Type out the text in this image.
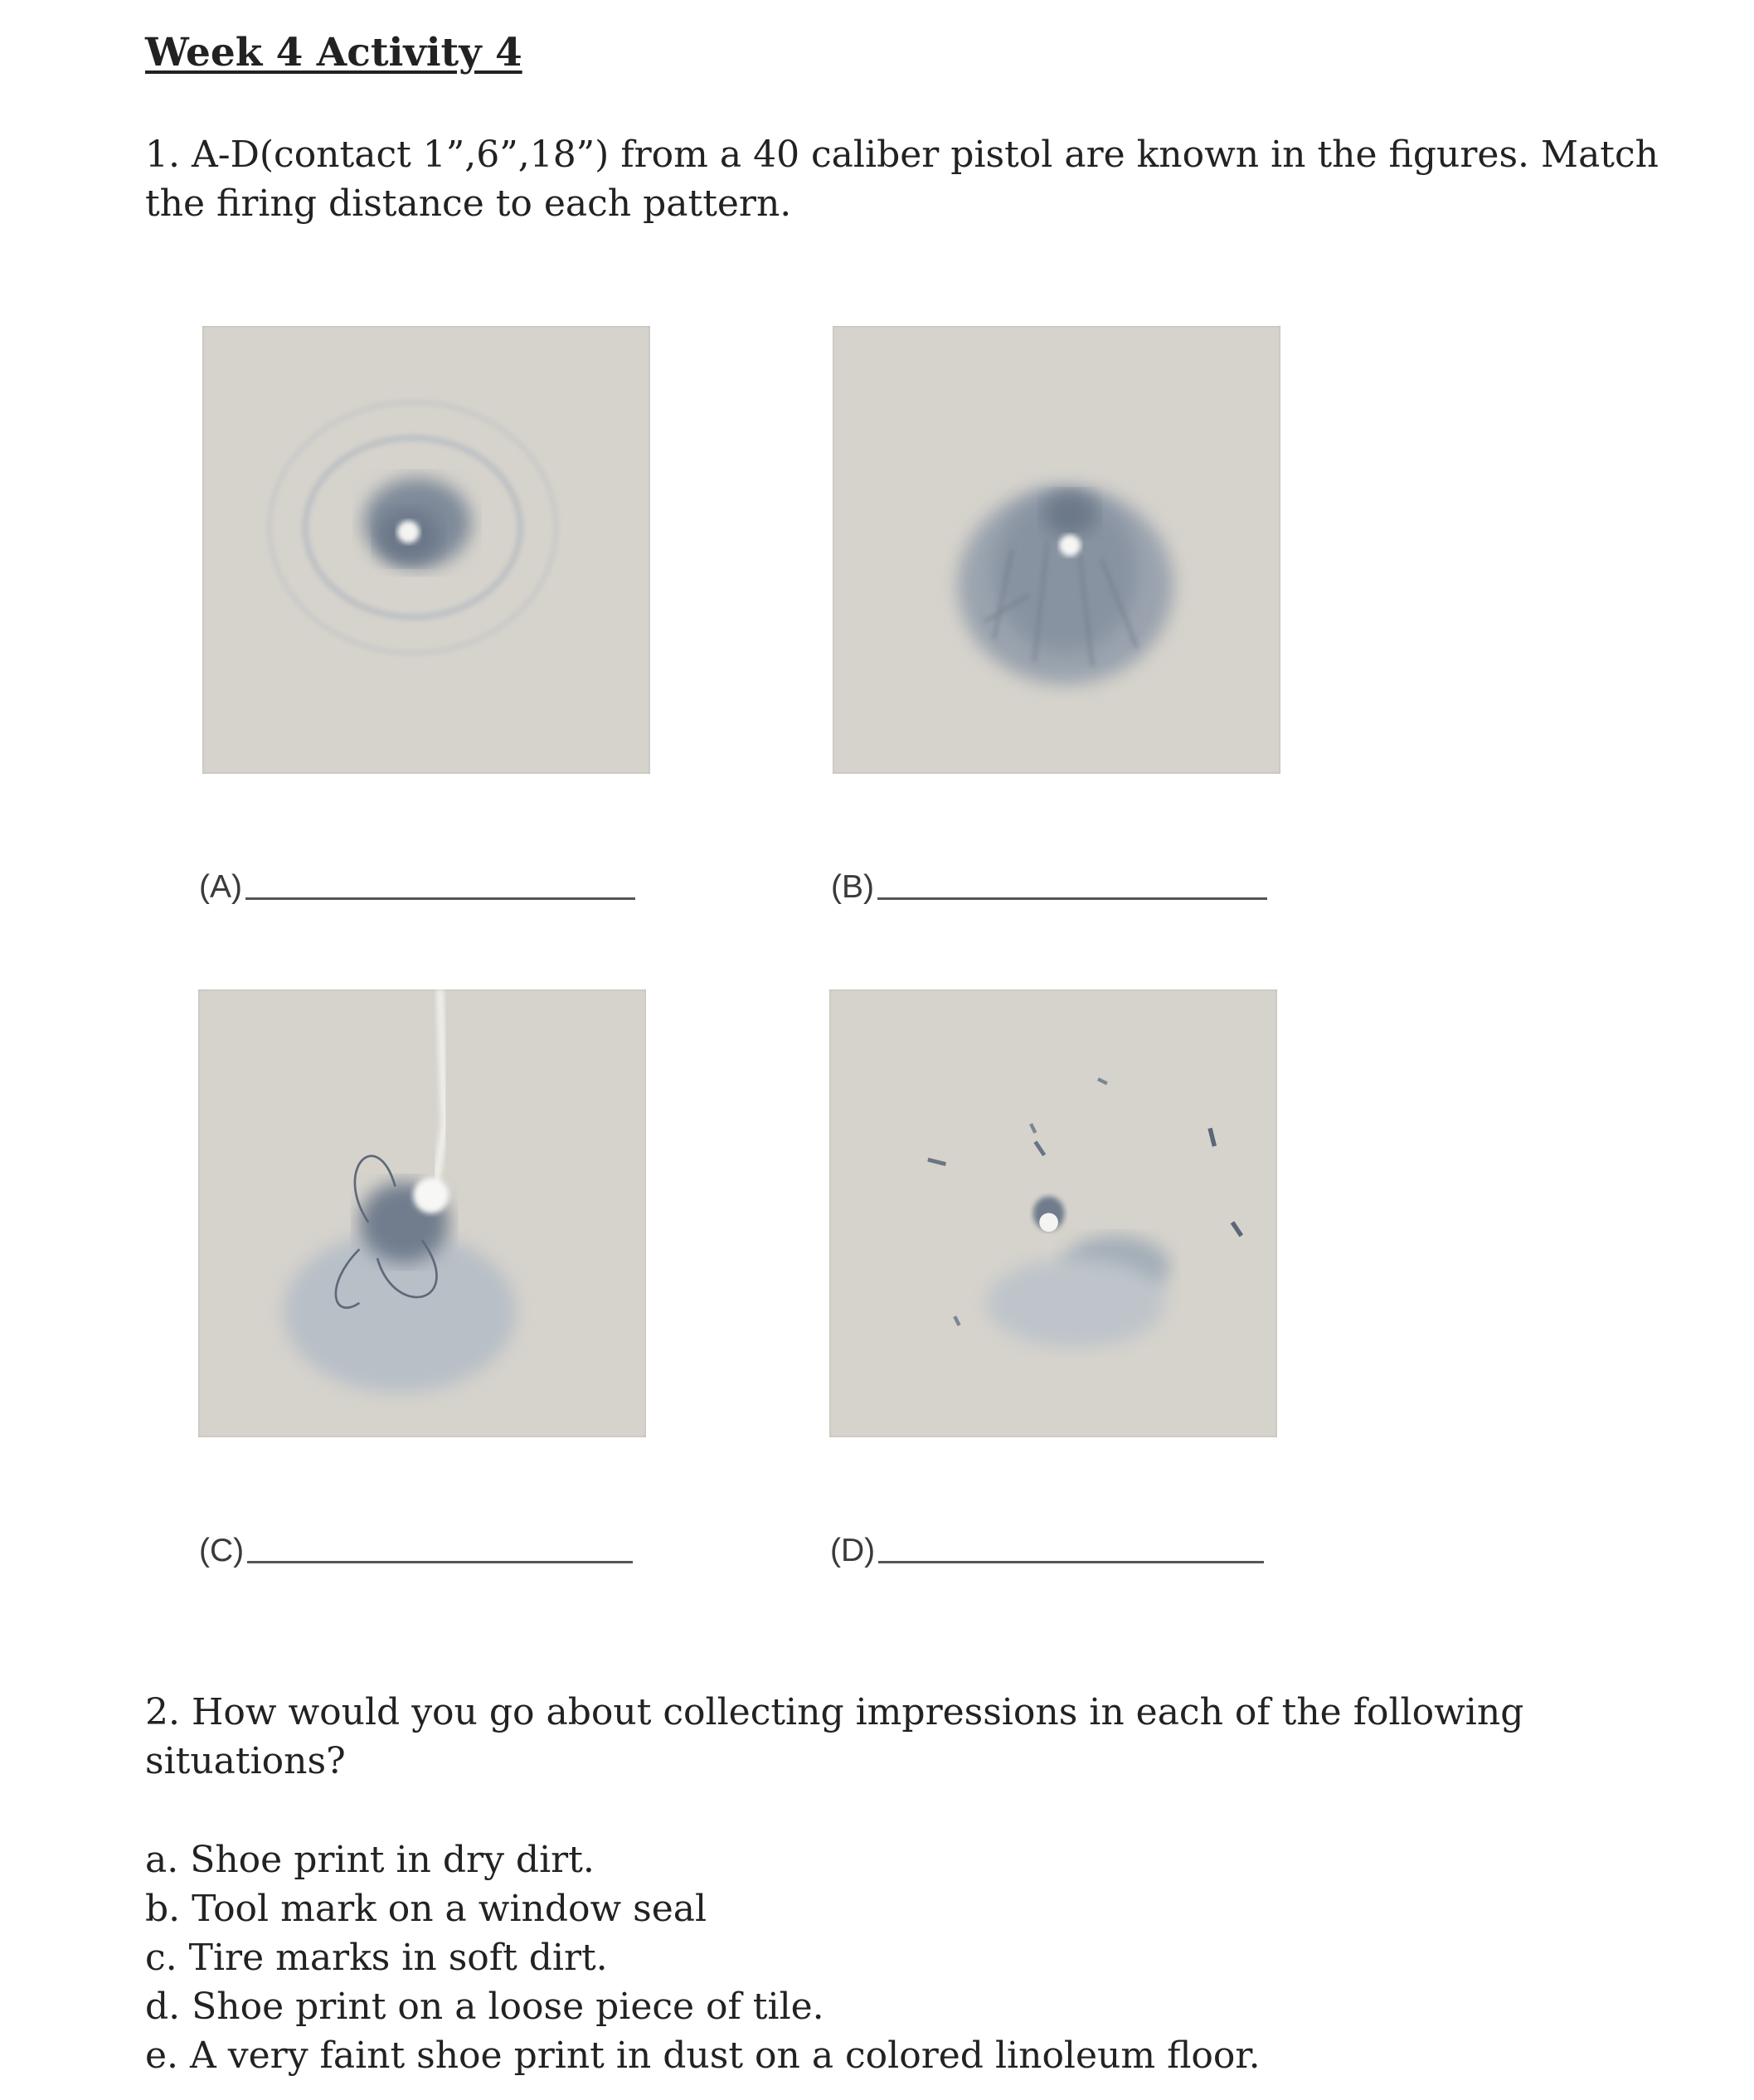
Week 4 Activity 4
1. A-D(contact 1”,6”,18”) from a 40 caliber pistol are known in the figures. Match the firing distance to each pattern.
(A)	(B)
(C)	(D)
2. How would you go about collecting impressions in each of the following situations?
a. Shoe print in dry dirt.
b. Tool mark on a window seal
c. Tire marks in soft dirt.
d. Shoe print on a loose piece of tile.
e. A very faint shoe print in dust on a colored linoleum floor.
